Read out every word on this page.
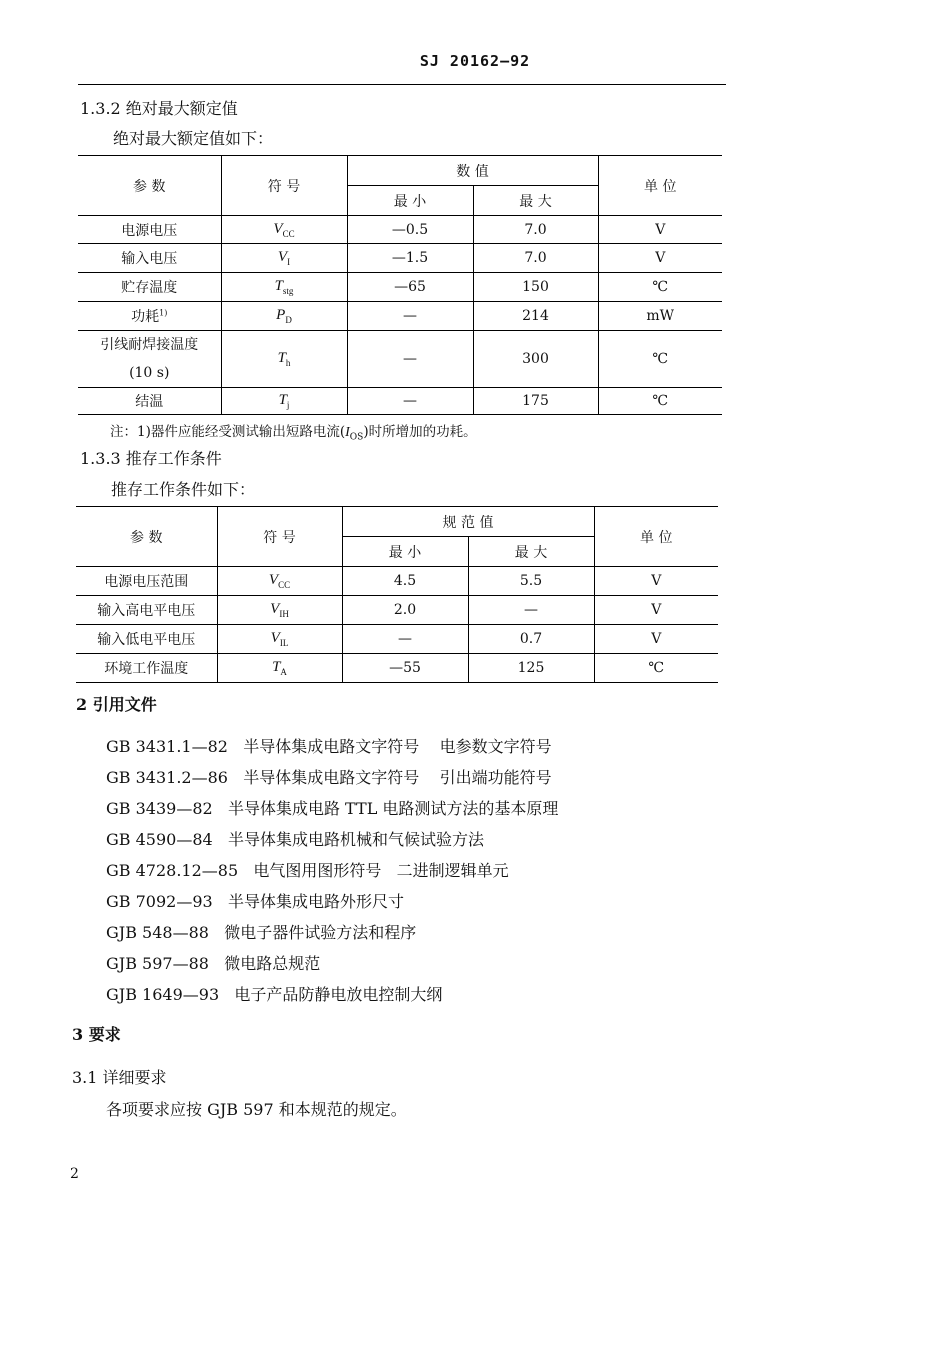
SJ 20162—92
1.3.2 绝对最大额定值
绝对最大额定值如下：
参 数	符 号	数 值		单 位
		最 小	最 大	
电源电压	$V_{CC}$	—0.5	7.0	V
输入电压	$V_I$	—1.5	7.0	V
贮存温度	$T_{stg}$	—65	150	℃
功耗$^{1)}$	$P_D$	—	214	mW

引线耐焊接温度
(10 s)	$T_h$	—	300	℃
结温	$T_j$	—	175	℃
注：1)器件应能经受测试输出短路电流$(I_{OS})$时所增加的功耗。
1.3.3 推存工作条件
推存工作条件如下：
参 数	符 号	规 范 值		单 位
		最 小	最 大	
电源电压范围	$V_{CC}$	4.5	5.5	V
输入高电平电压	$V_{IH}$	2.0	—	V
输入低电平电压	$V_{IL}$	—	0.7	V
环境工作温度	$T_A$	—55	125	℃
2 引用文件
GB 3431.1—82   半导体集成电路文字符号    电参数文字符号
GB 3431.2—86   半导体集成电路文字符号    引出端功能符号
GB 3439—82   半导体集成电路 TTL 电路测试方法的基本原理
GB 4590—84   半导体集成电路机械和气候试验方法
GB 4728.12—85   电气图用图形符号   二进制逻辑单元
GB 7092—93   半导体集成电路外形尺寸
GJB 548—88   微电子器件试验方法和程序
GJB 597—88   微电路总规范
GJB 1649—93   电子产品防静电放电控制大纲
3 要求
3.1 详细要求
各项要求应按 GJB 597 和本规范的规定。
2
